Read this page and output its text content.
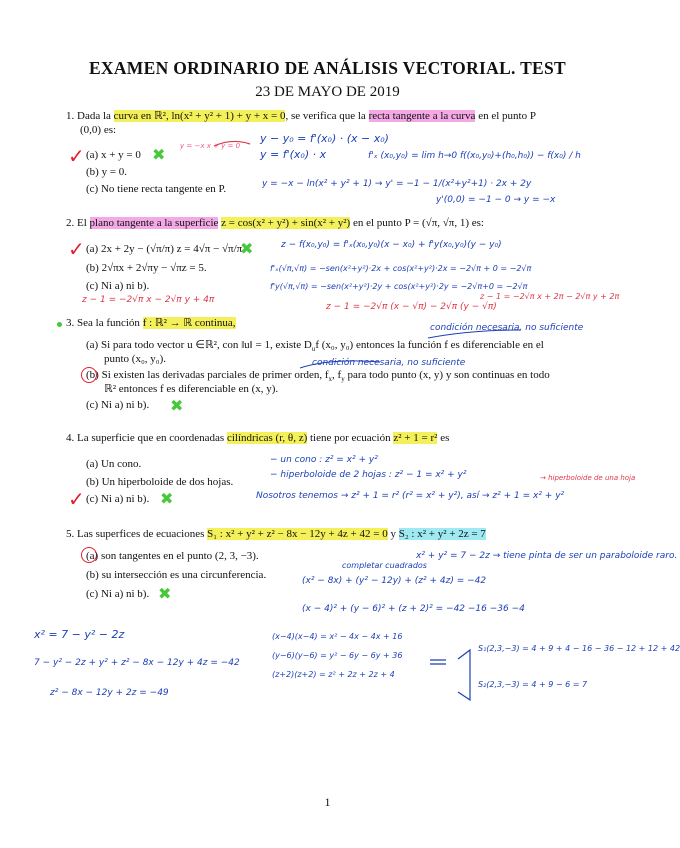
EXAMEN ORDINARIO DE ANÁLISIS VECTORIAL. TEST
23 DE MAYO DE 2019
1. Dada la curva en ℝ², ln(x² + y² + 1) + y + x = 0, se verifica que la recta tangente a la curva en el punto P
(0,0) es:
✓ (a) x + y = 0 ✖
(b) y = 0.
(c) No tiene recta tangente en P.
y = −x x + y = 0
y − y₀ = f'(x₀) · (x − x₀)
y = f'(x₀) · x	f'ₓ (x₀,y₀) = lim h→0 f((x₀,y₀)+(h₀,h₀)) − f(x₀) / h
y = −x − ln(x² + y² + 1) → y' = −1 − 1/(x²+y²+1) · 2x + 2y
y'(0,0) = −1 − 0 → y = −x
2. El plano tangente a la superficie z = cos(x² + y²) + sin(x² + y²) en el punto P = (√π, √π, 1) es:
✓ (a) 2x + 2y − (√π/π) z = 4√π − √π/π
✖
(b) 2√πx + 2√πy − √πz = 5.
(c) Ni a) ni b).
z − f(x₀,y₀) = f'ₓ(x₀,y₀)(x − x₀) + f'y(x₀,y₀)(y − y₀)
f'ₓ(√π,√π) = −sen(x²+y²)·2x + cos(x²+y²)·2x = −2√π + 0 = −2√π
f'y(√π,√π) = −sen(x²+y²)·2y + cos(x²+y²)·2y = −2√π+0 = −2√π
z − 1 = −2√π x − 2√π y + 4π
z − 1 = −2√π (x − √π) − 2√π (y − √π)
z − 1 = −2√π x + 2π − 2√π y + 2π
3. Sea la función f : ℝ² → ℝ continua,	condición necesaria, no suficiente
(a) Si para todo vector u ∈ℝ², con ‖u‖ = 1, existe $D_uf$ (x₀, y₀) entonces la función f es diferenciable en el
punto (x₀, y₀).	condición necesaria, no suficiente
(b) Si existen las derivadas parciales de primer orden, $f_x$, $f_y$ para todo punto (x, y) y son continuas en todo
ℝ² entonces f es diferenciable en (x, y).
(c) Ni a) ni b). ✖
4. La superficie que en coordenadas cilíndricas (r, θ, z) tiene por ecuación z² + 1 = r² es
(a) Un cono.
(b) Un hiperboloide de dos hojas.
✓ (c) Ni a) ni b). ✖
− un cono : z² = x² + y²
− hiperboloide de 2 hojas : z² − 1 = x² + y²	→ hiperboloide de una hoja
Nosotros tenemos → z² + 1 = r² (r² = x² + y²), así → z² + 1 = x² + y²
5. Las superfices de ecuaciones S₁ : x² + y² + z² − 8x − 12y + 4z + 42 = 0 y S₂ : x² + y² + 2z = 7
(a) son tangentes en el punto (2, 3, −3).
(b) su intersección es una circunferencia.
(c) Ni a) ni b). ✖
x² + y² = 7 − 2z → tiene pinta de ser un paraboloide raro.
completar cuadrados
(x² − 8x) + (y² − 12y) + (z² + 4z) = −42
(x − 4)² + (y − 6)² + (z + 2)² = −42 −16 −36 −4
(x−4)(x−4) = x² − 4x − 4x + 16
(y−6)(y−6) = y² − 6y − 6y + 36
(z+2)(z+2) = z² + 2z + 2z + 4
S₁(2,3,−3) = 4 + 9 + 4 − 16 − 36 − 12 + 12 + 42
S₂(2,3,−3) = 4 + 9 − 6 = 7
x² = 7 − y² − 2z
7 − y² − 2z + y² + z² − 8x − 12y + 4z = −42
z² − 8x − 12y + 2z = −49
1
